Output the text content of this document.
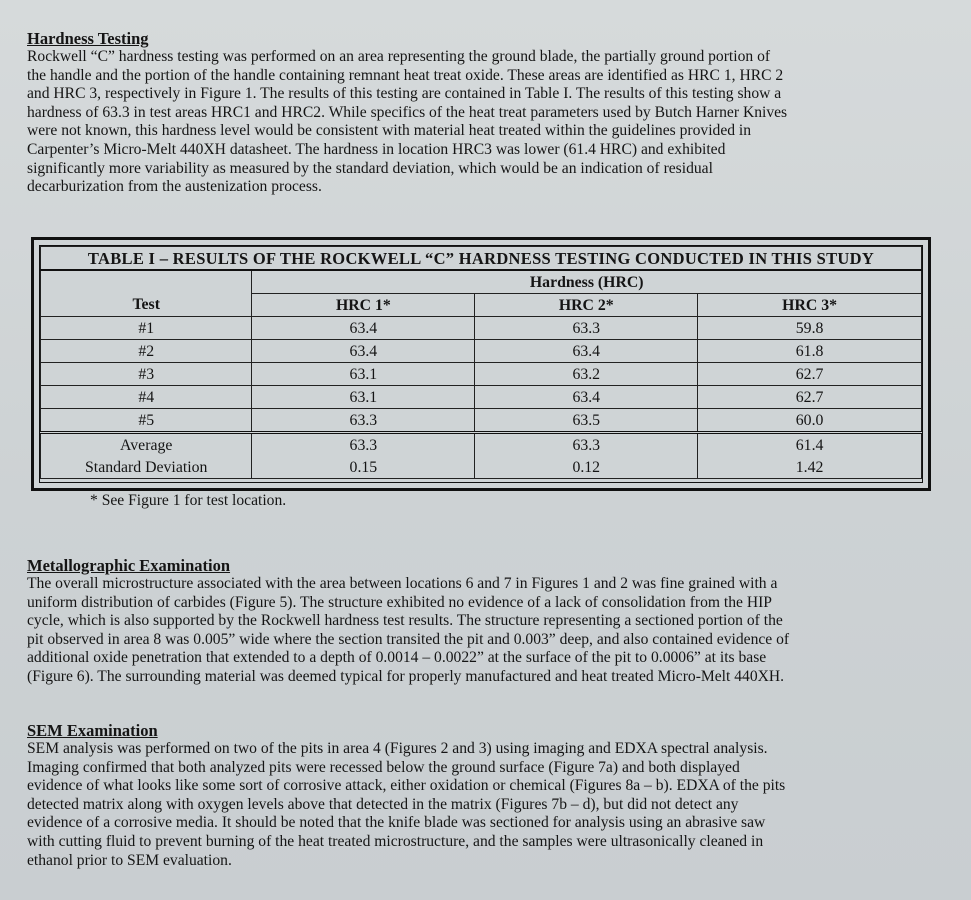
Hardness Testing
Rockwell “C” hardness testing was performed on an area representing the ground blade, the partially ground portion of
the handle and the portion of the handle containing remnant heat treat oxide. These areas are identified as HRC 1, HRC 2
and HRC 3, respectively in Figure 1. The results of this testing are contained in Table I. The results of this testing show a
hardness of 63.3 in test areas HRC1 and HRC2. While specifics of the heat treat parameters used by Butch Harner Knives
were not known, this hardness level would be consistent with material heat treated within the guidelines provided in
Carpenter’s Micro-Melt 440XH datasheet. The hardness in location HRC3 was lower (61.4 HRC) and exhibited
significantly more variability as measured by the standard deviation, which would be an indication of residual
decarburization from the austenization process.
TABLE I – RESULTS OF THE ROCKWELL “C” HARDNESS TESTING CONDUCTED IN THIS STUDY			
	Hardness (HRC)		
Test	HRC 1*	HRC 2*	HRC 3*
#1	63.4	63.3	59.8
#2	63.4	63.4	61.8
#3	63.1	63.2	62.7
#4	63.1	63.4	62.7
#5	63.3	63.5	60.0
Average	63.3	63.3	61.4
Standard Deviation	0.15	0.12	1.42
* See Figure 1 for test location.
Metallographic Examination
The overall microstructure associated with the area between locations 6 and 7 in Figures 1 and 2 was fine grained with a
uniform distribution of carbides (Figure 5). The structure exhibited no evidence of a lack of consolidation from the HIP
cycle, which is also supported by the Rockwell hardness test results. The structure representing a sectioned portion of the
pit observed in area 8 was 0.005” wide where the section transited the pit and 0.003” deep, and also contained evidence of
additional oxide penetration that extended to a depth of 0.0014 – 0.0022” at the surface of the pit to 0.0006” at its base
(Figure 6). The surrounding material was deemed typical for properly manufactured and heat treated Micro-Melt 440XH.
SEM Examination
SEM analysis was performed on two of the pits in area 4 (Figures 2 and 3) using imaging and EDXA spectral analysis.
Imaging confirmed that both analyzed pits were recessed below the ground surface (Figure 7a) and both displayed
evidence of what looks like some sort of corrosive attack, either oxidation or chemical (Figures 8a – b). EDXA of the pits
detected matrix along with oxygen levels above that detected in the matrix (Figures 7b – d), but did not detect any
evidence of a corrosive media. It should be noted that the knife blade was sectioned for analysis using an abrasive saw
with cutting fluid to prevent burning of the heat treated microstructure, and the samples were ultrasonically cleaned in
ethanol prior to SEM evaluation.
